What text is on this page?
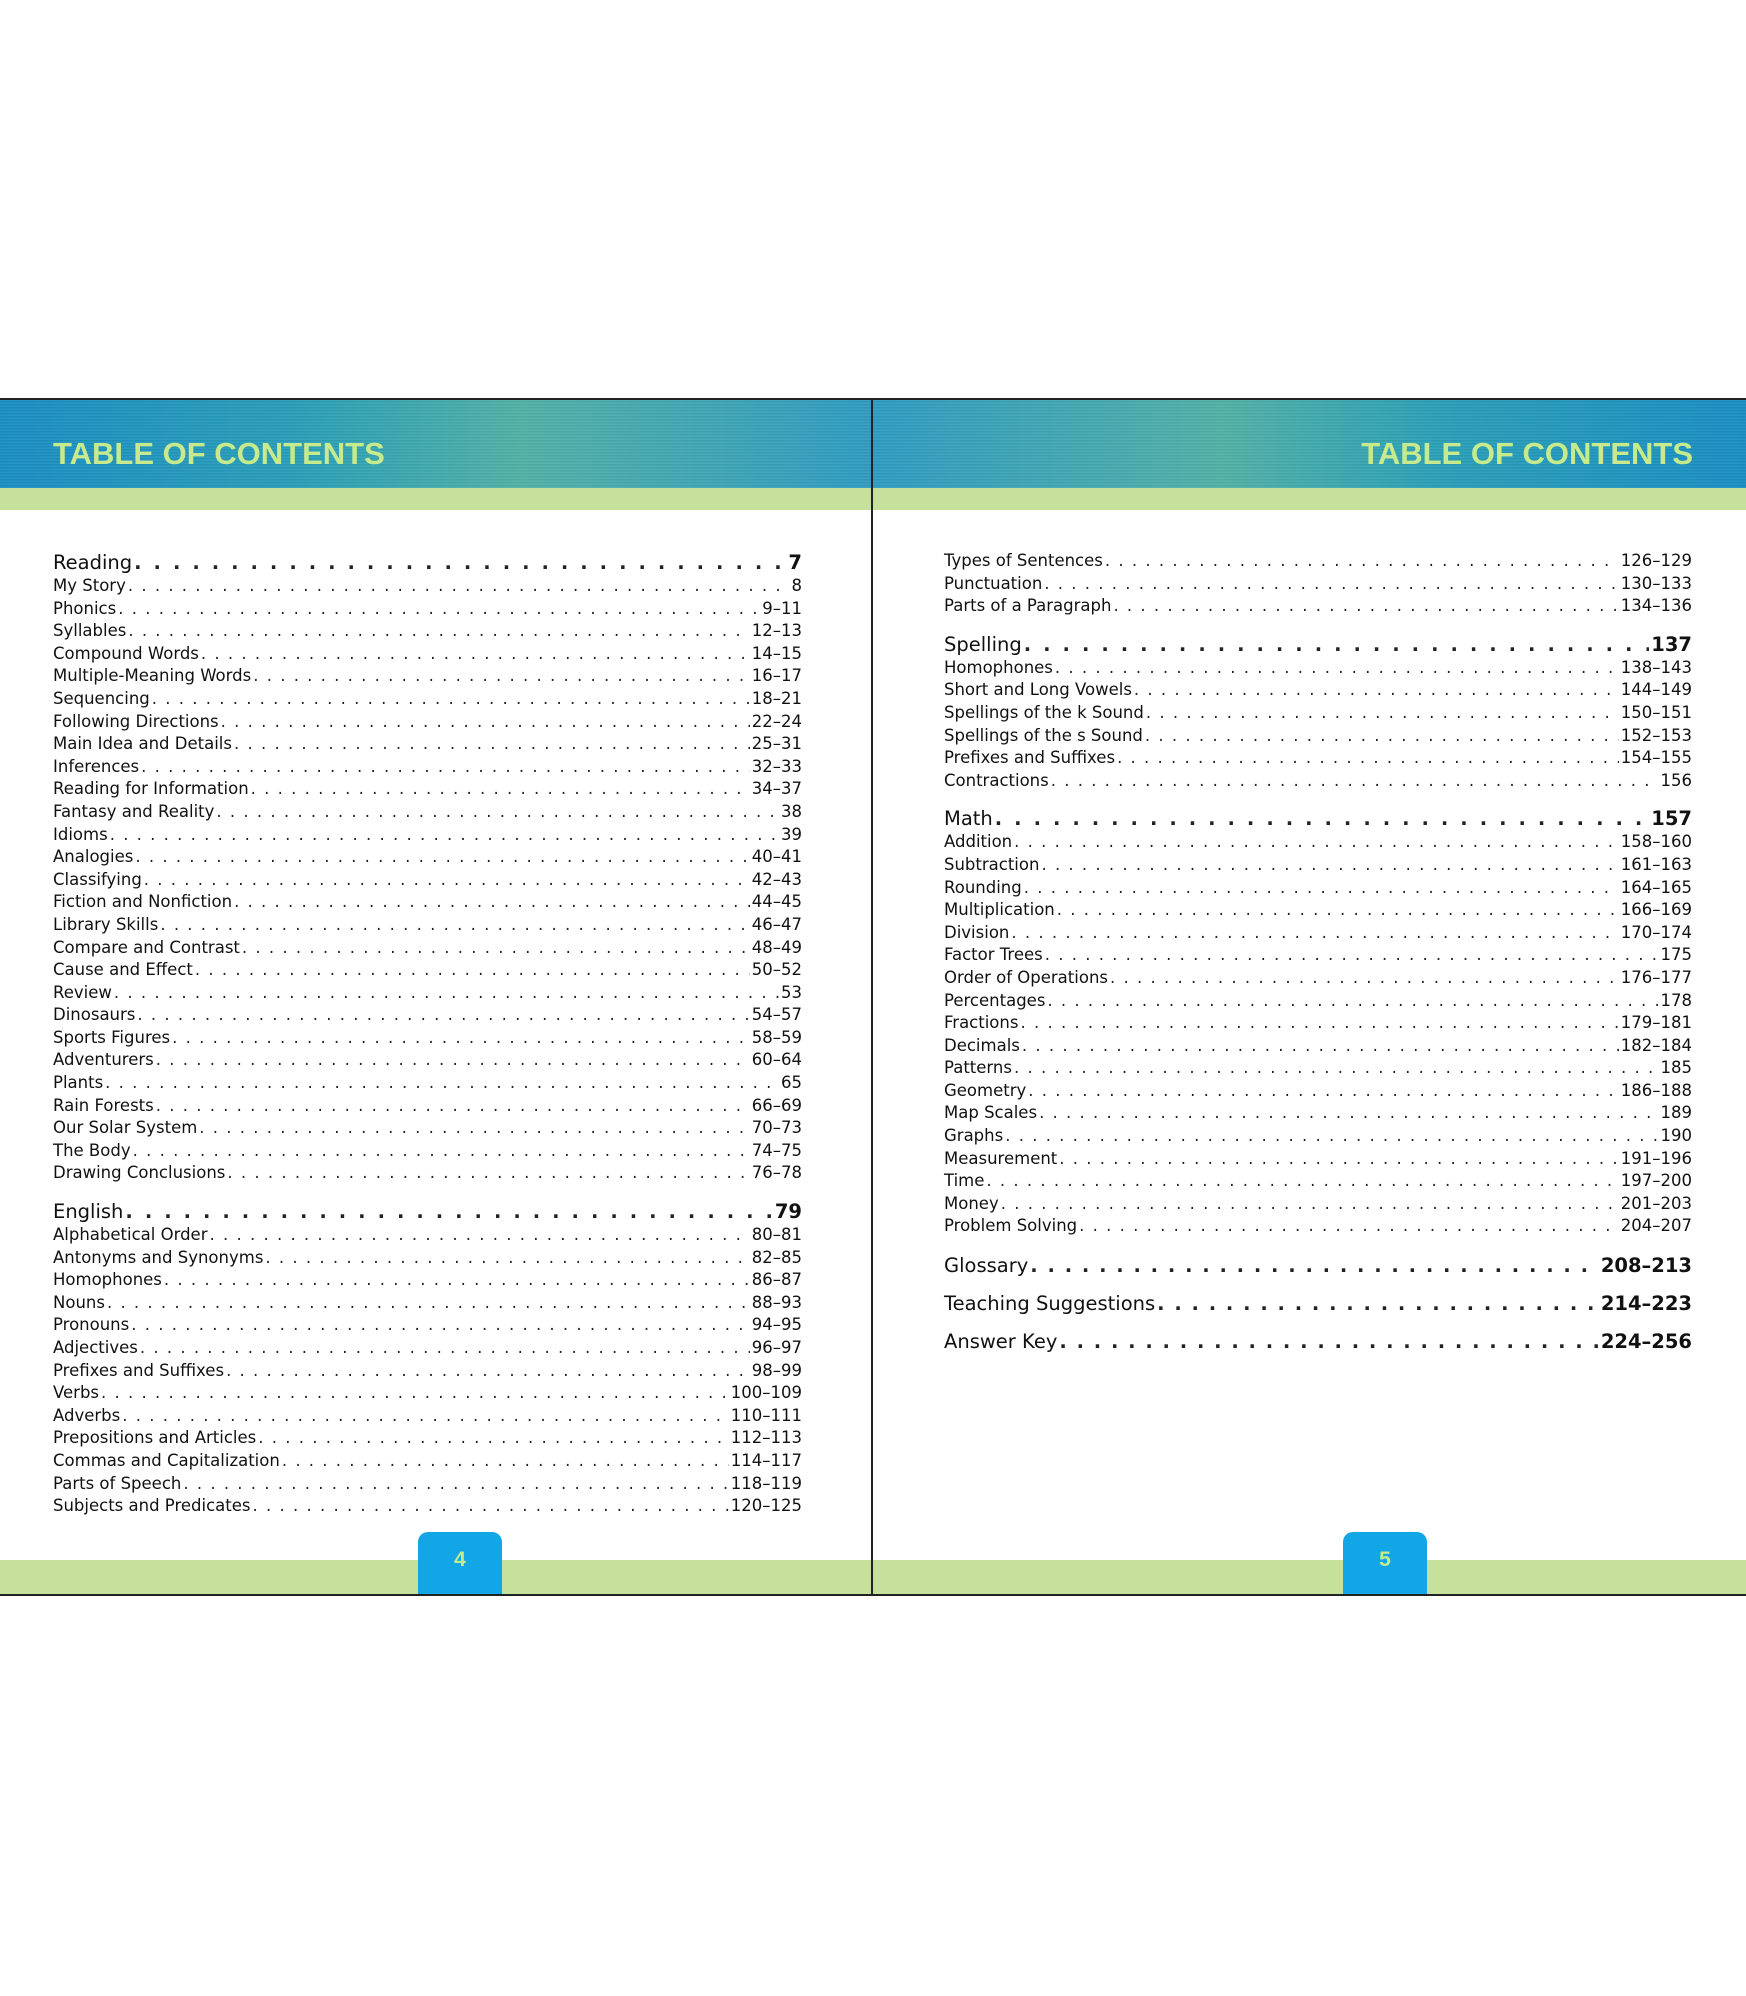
TABLE OF CONTENTS
Reading . . .	7
My Story . . .	8
Phonics . . .	9–11
Syllables . . .	12–13
Compound Words . . .	14–15
Multiple-Meaning Words . . .	16–17
Sequencing . . .	18–21
Following Directions . . .	22–24
Main Idea and Details . . .	25–31
Inferences . . .	32–33
Reading for Information . . .	34–37
Fantasy and Reality . . .	38
Idioms . . .	39
Analogies . . .	40–41
Classifying . . .	42–43
Fiction and Nonfiction . . .	44–45
Library Skills . . .	46–47
Compare and Contrast . . .	48–49
Cause and Effect . . .	50–52
Review . . .	53
Dinosaurs . . .	54–57
Sports Figures . . .	58–59
Adventurers . . .	60–64
Plants . . .	65
Rain Forests . . .	66–69
Our Solar System . . .	70–73
The Body . . .	74–75
Drawing Conclusions . . .	76–78
English . . .	79
Alphabetical Order . . .	80–81
Antonyms and Synonyms . . .	82–85
Homophones . . .	86–87
Nouns . . .	88–93
Pronouns . . .	94–95
Adjectives . . .	96–97
Prefixes and Suffixes . . .	98–99
Verbs . . .	100–109
Adverbs . . .	110–111
Prepositions and Articles . . .	112–113
Commas and Capitalization . . .	114–117
Parts of Speech . . .	118–119
Subjects and Predicates . . .	120–125
4
TABLE OF CONTENTS
Types of Sentences . . .	126–129
Punctuation . . .	130–133
Parts of a Paragraph . . .	134–136
Spelling . . .	137
Homophones . . .	138–143
Short and Long Vowels . . .	144–149
Spellings of the k Sound . . .	150–151
Spellings of the s Sound . . .	152–153
Prefixes and Suffixes . . .	154–155
Contractions . . .	156
Math . . .	157
Addition . . .	158–160
Subtraction . . .	161–163
Rounding . . .	164–165
Multiplication . . .	166–169
Division . . .	170–174
Factor Trees . . .	175
Order of Operations . . .	176–177
Percentages . . .	178
Fractions . . .	179–181
Decimals . . .	182–184
Patterns . . .	185
Geometry . . .	186–188
Map Scales . . .	189
Graphs . . .	190
Measurement . . .	191–196
Time . . .	197–200
Money . . .	201–203
Problem Solving . . .	204–207
Glossary . . .	208–213
Teaching Suggestions . . .	214–223
Answer Key . . .	224–256
5
